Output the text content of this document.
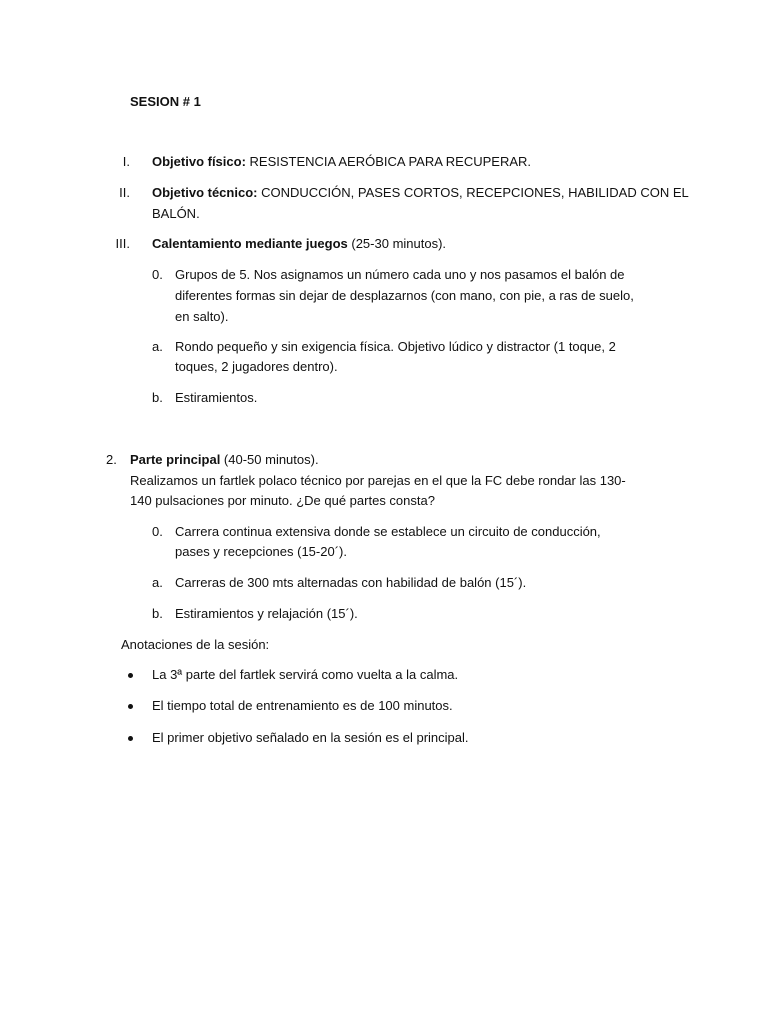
SESION # 1
I. Objetivo físico: RESISTENCIA AERÓBICA PARA RECUPERAR.
II. Objetivo técnico: CONDUCCIÓN, PASES CORTOS, RECEPCIONES, HABILIDAD CON EL
BALÓN.
III. Calentamiento mediante juegos (25-30 minutos).
0. Grupos de 5. Nos asignamos un número cada uno y nos pasamos el balón de
diferentes formas sin dejar de desplazarnos (con mano, con pie, a ras de suelo,
en salto).
a. Rondo pequeño y sin exigencia física. Objetivo lúdico y distractor (1 toque, 2
toques, 2 jugadores dentro).
b. Estiramientos.
2. Parte principal (40-50 minutos).
Realizamos un fartlek polaco técnico por parejas en el que la FC debe rondar las 130-
140 pulsaciones por minuto. ¿De qué partes consta?
0. Carrera continua extensiva donde se establece un circuito de conducción,
pases y recepciones (15-20´).
a. Carreras de 300 mts alternadas con habilidad de balón (15´).
b. Estiramientos y relajación (15´).
Anotaciones de la sesión:
La 3ª parte del fartlek servirá como vuelta a la calma.
El tiempo total de entrenamiento es de 100 minutos.
El primer objetivo señalado en la sesión es el principal.
